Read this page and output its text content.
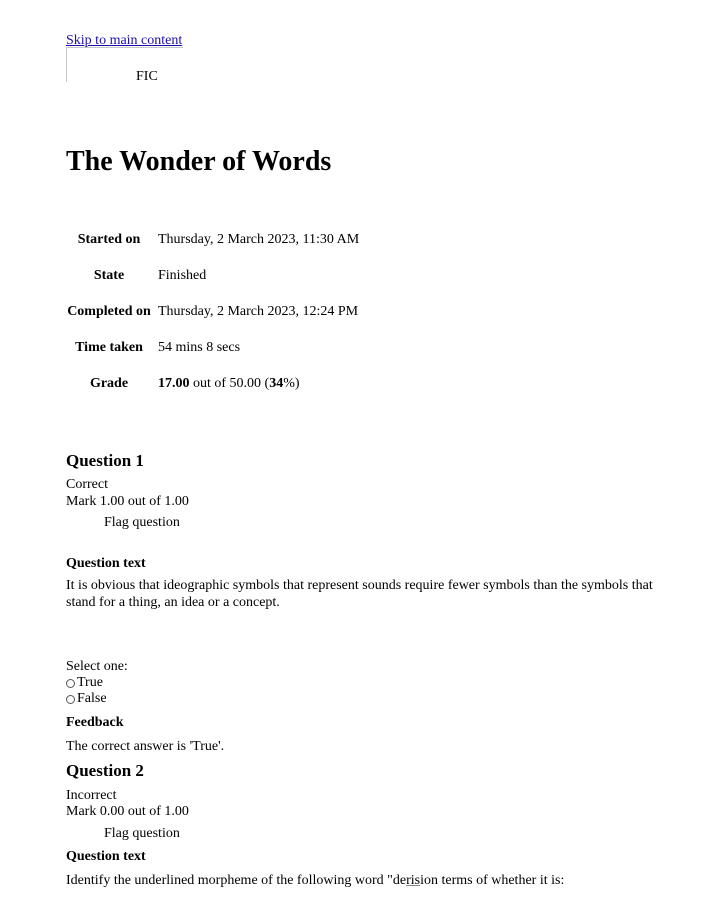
Skip to main content
FIC
The Wonder of Words
Started on	Thursday, 2 March 2023, 11:30 AM
State	Finished
Completed on	Thursday, 2 March 2023, 12:24 PM
Time taken	54 mins 8 secs
Grade	17.00 out of 50.00 (34%)
Question 1
Correct
Mark 1.00 out of 1.00
Flag question
Question text
It is obvious that ideographic symbols that represent sounds require fewer symbols than the symbols that stand for a thing, an idea or a concept.
Select one:
True
False
Feedback
The correct answer is 'True'.
Question 2
Incorrect
Mark 0.00 out of 1.00
Flag question
Question text
Identify the underlined morpheme of the following word "derision terms of whether it is:
